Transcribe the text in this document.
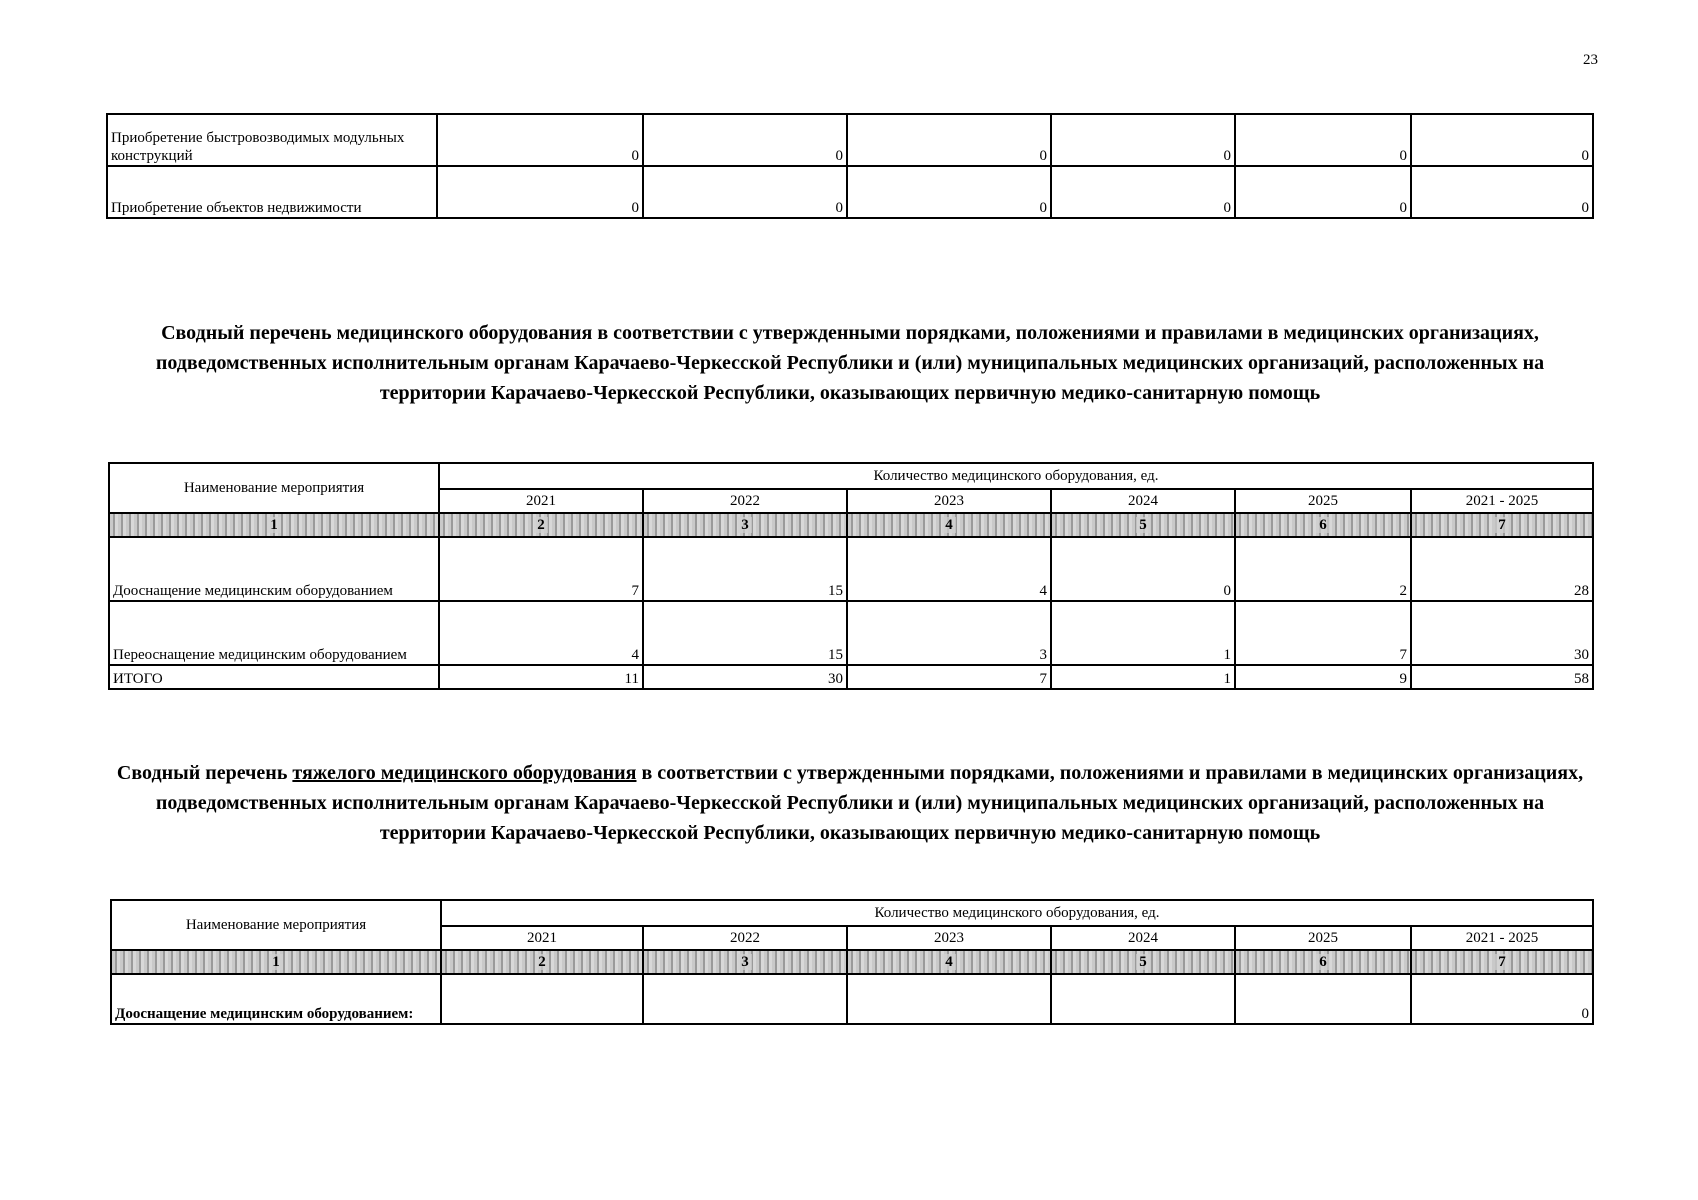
23
Приобретение быстровозводимых модульных конструкций	0	0	0	0	0	0
Приобретение объектов недвижимости	0	0	0	0	0	0
Сводный перечень медицинского оборудования в соответствии с утвержденными порядками, положениями и правилами в медицинских организациях, подведомственных исполнительным органам Карачаево-Черкесской Республики и (или) муниципальных медицинских организаций, расположенных на территории Карачаево-Черкесской Республики, оказывающих первичную медико-санитарную помощь
Наименование мероприятия	Количество медицинского оборудования, ед.					
	2021	2022	2023	2024	2025	2021 - 2025
1	2	3	4	5	6	7
Дооснащение медицинским оборудованием	7	15	4	0	2	28
Переоснащение медицинским оборудованием	4	15	3	1	7	30
ИТОГО	11	30	7	1	9	58
Сводный перечень тяжелого медицинского оборудования в соответствии с утвержденными порядками, положениями и правилами в медицинских организациях, подведомственных исполнительным органам Карачаево-Черкесской Республики и (или) муниципальных медицинских организаций, расположенных на территории Карачаево-Черкесской Республики, оказывающих первичную медико-санитарную помощь
Наименование мероприятия	Количество медицинского оборудования, ед.					
	2021	2022	2023	2024	2025	2021 - 2025
1	2	3	4	5	6	7
Дооснащение медицинским оборудованием:						0
